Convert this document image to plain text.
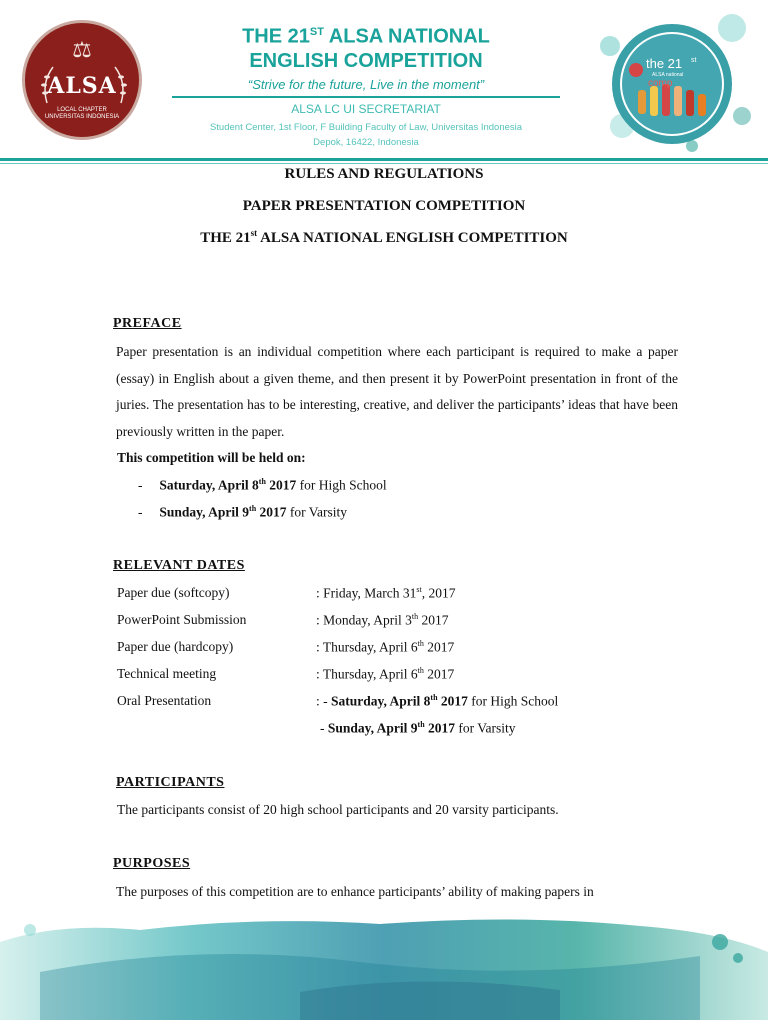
⚖
ALSA
LOCAL CHAPTER
UNIVERSITAS INDONESIA
THE 21ST ALSA NATIONAL
ENGLISH COMPETITION
“Strive for the future, Live in the moment”
ALSA LC UI SECRETARIAT
Student Center, 1st Floor, F Building Faculty of Law, Universitas Indonesia
Depok, 16422, Indonesia
the 21 st
ALSA national
comp
RULES AND REGULATIONS
PAPER PRESENTATION COMPETITION
THE 21st ALSA NATIONAL ENGLISH COMPETITION
PREFACE
Paper presentation is an individual competition where each participant is required to make a paper (essay) in English about a given theme, and then present it by PowerPoint presentation in front of the juries. The presentation has to be interesting, creative, and deliver the participants’ ideas that have been previously written in the paper.
This competition will be held on:
- Saturday, April 8th 2017 for High School
- Sunday, April 9th 2017 for Varsity
RELEVANT DATES
Paper due (softcopy)	: Friday, March 31st, 2017
PowerPoint Submission	: Monday, April 3th 2017
Paper due (hardcopy)	: Thursday, April 6th 2017
Technical meeting	: Thursday, April 6th 2017
Oral Presentation	: - Saturday, April 8th 2017 for High School
- Sunday, April 9th 2017 for Varsity
PARTICIPANTS
The participants consist of 20 high school participants and 20 varsity participants.
PURPOSES
The purposes of this competition are to enhance participants’ ability of making papers in
